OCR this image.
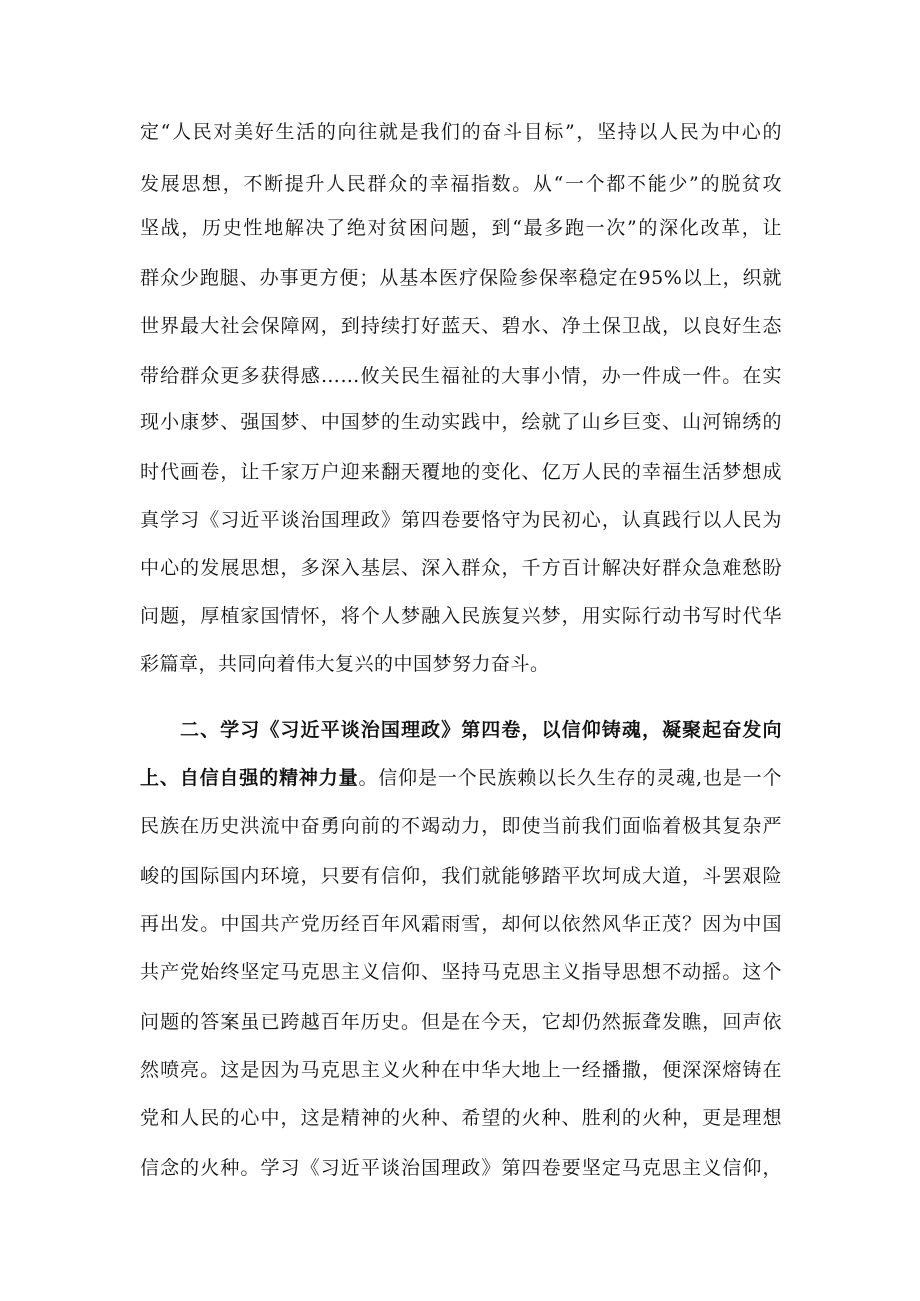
定“人民对美好生活的向往就是我们的奋斗目标”，坚持以人民为中心的
发展思想，不断提升人民群众的幸福指数。从“一个都不能少”的脱贫攻
坚战，历史性地解决了绝对贫困问题，到“最多跑一次”的深化改革，让
群众少跑腿、办事更方便；从基本医疗保险参保率稳定在95%以上，织就
世界最大社会保障网，到持续打好蓝天、碧水、净土保卫战，以良好生态
带给群众更多获得感……攸关民生福祉的大事小情，办一件成一件。在实
现小康梦、强国梦、中国梦的生动实践中，绘就了山乡巨变、山河锦绣的
时代画卷，让千家万户迎来翻天覆地的变化、亿万人民的幸福生活梦想成
真学习《习近平谈治国理政》第四卷要恪守为民初心，认真践行以人民为
中心的发展思想，多深入基层、深入群众，千方百计解决好群众急难愁盼
问题，厚植家国情怀，将个人梦融入民族复兴梦，用实际行动书写时代华
彩篇章，共同向着伟大复兴的中国梦努力奋斗。
二、学习《习近平谈治国理政》第四卷，以信仰铸魂，凝聚起奋发向
上、自信自强的精神力量。信仰是一个民族赖以长久生存的灵魂,也是一个
民族在历史洪流中奋勇向前的不竭动力，即使当前我们面临着极其复杂严
峻的国际国内环境，只要有信仰，我们就能够踏平坎坷成大道，斗罢艰险
再出发。中国共产党历经百年风霜雨雪，却何以依然风华正茂？因为中国
共产党始终坚定马克思主义信仰、坚持马克思主义指导思想不动摇。这个
问题的答案虽已跨越百年历史。但是在今天，它却仍然振聋发瞧，回声依
然喷亮。这是因为马克思主义火种在中华大地上一经播撒，便深深熔铸在
党和人民的心中，这是精神的火种、希望的火种、胜利的火种，更是理想
信念的火种。学习《习近平谈治国理政》第四卷要坚定马克思主义信仰，
